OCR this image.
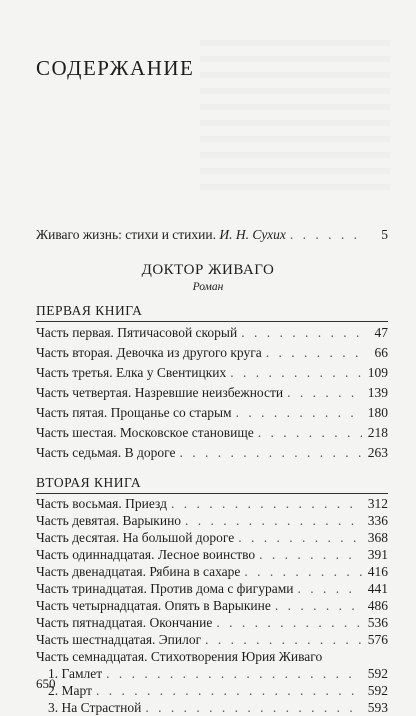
СОДЕРЖАНИЕ
Живаго жизнь: стихи и стихии. И. Н. Сухих . . .	5
ДОКТОР ЖИВАГО
Роман
ПЕРВАЯ КНИГА
Часть первая. Пятичасовой скорый . . .	47
Часть вторая. Девочка из другого круга . . .	66
Часть третья. Елка у Свентицких . . .	109
Часть четвертая. Назревшие неизбежности . . .	139
Часть пятая. Прощанье со старым . . .	180
Часть шестая. Московское становище . . .	218
Часть седьмая. В дороге . . .	263
ВТОРАЯ КНИГА
Часть восьмая. Приезд . . .	312
Часть девятая. Варыкино . . .	336
Часть десятая. На большой дороге . . .	368
Часть одиннадцатая. Лесное воинство . . .	391
Часть двенадцатая. Рябина в сахаре . . .	416
Часть тринадцатая. Против дома с фигурами . . .	441
Часть четырнадцатая. Опять в Варыкине . . .	486
Часть пятнадцатая. Окончание . . .	536
Часть шестнадцатая. Эпилог . . .	576
Часть семнадцатая. Стихотворения Юрия Живаго
1. Гамлет . . .	592
2. Март . . .	592
3. На Страстной . . .	593
650
